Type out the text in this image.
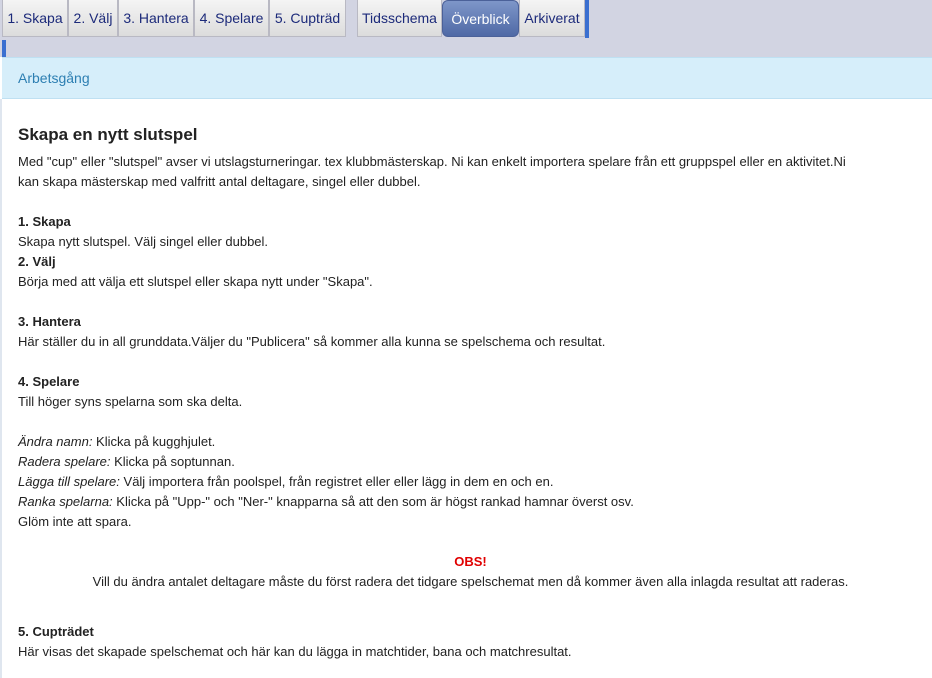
1. Skapa 2. Välj 3. Hantera 4. Spelare 5. Cupträd	Tidsschema	Överblick	Arkiverat
Arbetsgång
Skapa en nytt slutspel

Med "cup" eller "slutspel" avser vi utslagsturneringar. tex klubbmästerskap. Ni kan enkelt importera spelare från ett gruppspel eller en aktivitet.Ni
kan skapa mästerskap med valfritt antal deltagare, singel eller dubbel.

1. Skapa
Skapa nytt slutspel. Välj singel eller dubbel.

2. Välj
Börja med att välja ett slutspel eller skapa nytt under "Skapa".

3. Hantera
Här ställer du in all grunddata.Väljer du "Publicera" så kommer alla kunna se spelschema och resultat.

4. Spelare
Till höger syns spelarna som ska delta.

Ändra namn: Klicka på kugghjulet.
Radera spelare: Klicka på soptunnan.
Lägga till spelare: Välj importera från poolspel, från registret eller eller lägg in dem en och en.
Ranka spelarna: Klicka på "Upp-" och "Ner-" knapparna så att den som är högst rankad hamnar överst osv.
Glöm inte att spara.

OBS!
Vill du ändra antalet deltagare måste du först radera det tidgare spelschemat men då kommer även alla inlagda resultat att raderas.

5. Cupträdet
Här visas det skapade spelschemat och här kan du lägga in matchtider, bana och matchresultat.
